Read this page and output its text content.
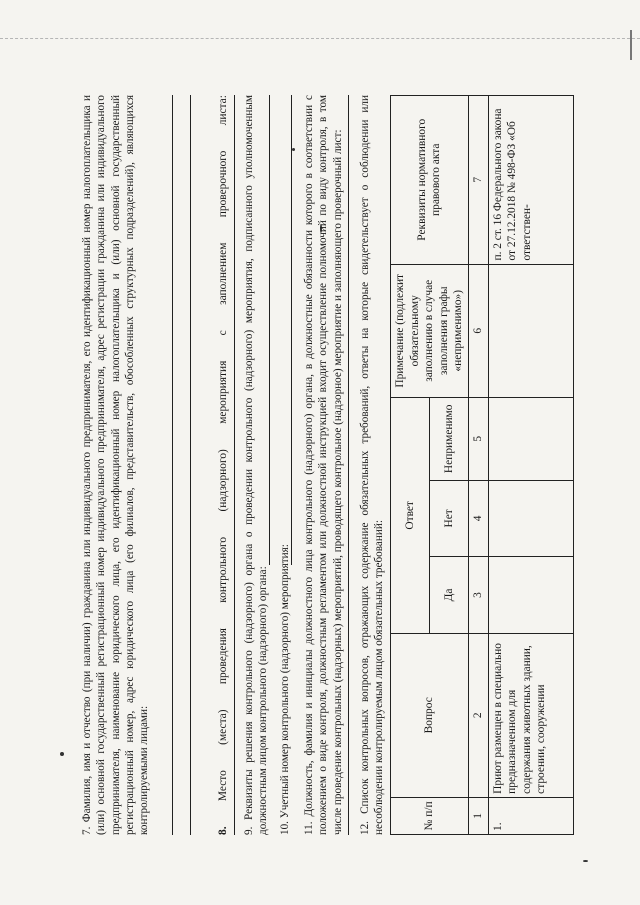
7. Фамилия, имя и отчество (при наличии) гражданина или индивидуального предпринимателя, его идентификационный номер налогоплательщика и (или) основной государственный регистрационный номер индивидуального предпринимателя, адрес регистрации гражданина или индивидуального предпринимателя, наименование юридического лица, его идентификационный номер налогоплательщика и (или) основной государственный регистрационный номер, адрес юридического лица (его филиалов, представительств, обособленных структурных подразделений), являющихся контролируемыми лицами:	8.
Место
(места)
проведения
контрольного
(надзорного)
мероприятия
с
заполнением
проверочного
листа: 9. Реквизиты решения контрольного (надзорного) органа о проведении контрольного (надзорного) мероприятия, подписанного уполномоченным должностным лицом контрольного (надзорного) органа: 10. Учетный номер контрольного (надзорного) мероприятия: 11. Должность, фамилия и инициалы должностного лица контрольного (надзорного) органа, в должностные обязанности которого в соответствии с положением о виде контроля, должностным регламентом или должностной инструкцией входит осуществление полномочий по виду контроля, в том числе проведение контрольных (надзорных) мероприятий, проводящего контрольное (надзорное) мероприятие и заполняющего проверочный лист: 12. Список контрольных вопросов, отражающих содержание обязательных требований, ответы на которые свидетельствует о соблюдении или несоблюдении контролируемым лицом обязательных требований:	№ п/п	Вопрос	Ответ			Примечание (подлежит обязательному заполнению в случае заполнения графы «неприменимо»)	Реквизиты нормативного правового акта
		Да	Нет	Неприменимо		
1	2	3	4	5	6	7
1.	Приют размещен в специально предназначенном для содержания животных здании, строении, сооружении					п. 2 ст. 16 Федерального закона от 27.12.2018 № 498-ФЗ «Об ответствен-
